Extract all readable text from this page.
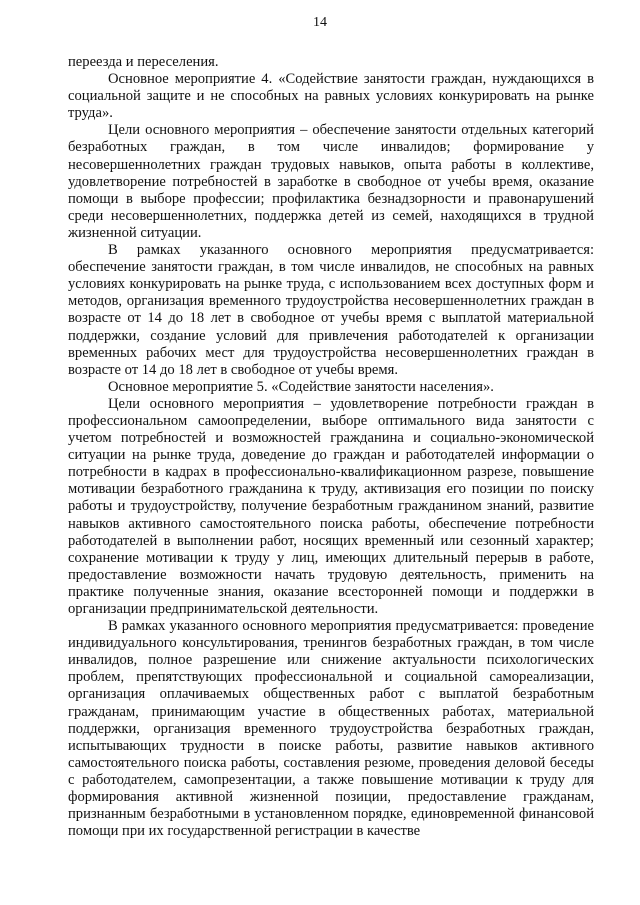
14

переезда и переселения.

Основное мероприятие 4. «Содействие занятости граждан, нуждающихся в социальной защите и не способных на равных условиях конкурировать на рынке труда».

Цели основного мероприятия – обеспечение занятости отдельных категорий безработных граждан, в том числе инвалидов; формирование у несовершеннолетних граждан трудовых навыков, опыта работы в коллективе, удовлетворение потребностей в заработке в свободное от учебы время, оказание помощи в выборе профессии; профилактика безнадзорности и правонарушений среди несовершеннолетних, поддержка детей из семей, находящихся в трудной жизненной ситуации.

В рамках указанного основного мероприятия предусматривается: обеспечение занятости граждан, в том числе инвалидов, не способных на равных условиях конкурировать на рынке труда, с использованием всех доступных форм и методов, организация временного трудоустройства несовершеннолетних граждан в возрасте от 14 до 18 лет в свободное от учебы время с выплатой материальной поддержки, создание условий для привлечения работодателей к организации временных рабочих мест для трудоустройства несовершеннолетних граждан в возрасте от 14 до 18 лет в свободное от учебы время.

Основное мероприятие 5. «Содействие занятости населения».

Цели основного мероприятия – удовлетворение потребности граждан в профессиональном самоопределении, выборе оптимального вида занятости с учетом потребностей и возможностей гражданина и социально-экономической ситуации на рынке труда, доведение до граждан и работодателей информации о потребности в кадрах в профессионально-квалификационном разрезе, повышение мотивации безработного гражданина к труду, активизация его позиции по поиску работы и трудоустройству, получение безработным гражданином знаний, развитие навыков активного самостоятельного поиска работы, обеспечение потребности работодателей в выполнении работ, носящих временный или сезонный характер; сохранение мотивации к труду у лиц, имеющих длительный перерыв в работе, предоставление возможности начать трудовую деятельность, применить на практике полученные знания, оказание всесторонней помощи и поддержки в организации предпринимательской деятельности.

В рамках указанного основного мероприятия предусматривается: проведение индивидуального консультирования, тренингов безработных граждан, в том числе инвалидов, полное разрешение или снижение актуальности психологических проблем, препятствующих профессиональной и социальной самореализации, организация оплачиваемых общественных работ с выплатой безработным гражданам, принимающим участие в общественных работах, материальной поддержки, организация временного трудоустройства безработных граждан, испытывающих трудности в поиске работы, развитие навыков активного самостоятельного поиска работы, составления резюме, проведения деловой беседы с работодателем, самопрезентации, а также повышение мотивации к труду для формирования активной жизненной позиции, предоставление гражданам, признанным безработными в установленном порядке, единовременной финансовой помощи при их государственной регистрации в качестве
